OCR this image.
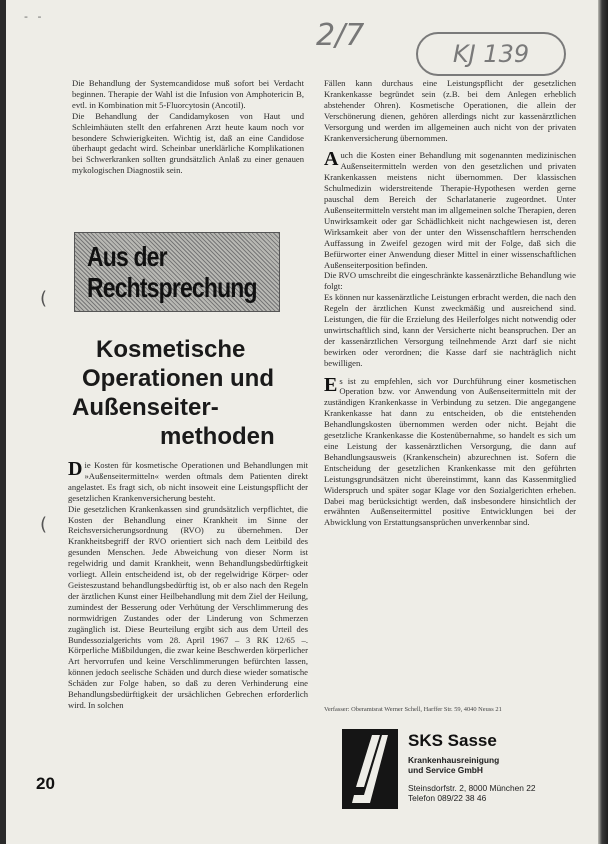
- -
2/7
KJ 139
(
(

Die Behandlung der Systemcandidose muß sofort bei Verdacht beginnen. Therapie der Wahl ist die Infusion von Amphotericin B, evtl. in Kombination mit 5-Fluorcytosin (Ancotil).

Die Behandlung der Candidamykosen von Haut und Schleimhäuten stellt den erfahrenen Arzt heute kaum noch vor besondere Schwierigkeiten. Wichtig ist, daß an eine Candidose überhaupt gedacht wird. Scheinbar unerklärliche Komplikationen bei Schwerkranken sollten grundsätzlich Anlaß zu einer genauen mykologischen Diagnostik sein.

Aus der
Rechtsprechung
Kosmetische
Operationen und
Außenseiter-
methoden

Die Kosten für kosmetische Operationen und Behandlungen mit »Außenseitermitteln« werden oftmals dem Patienten direkt angelastet. Es fragt sich, ob nicht insoweit eine Leistungspflicht der gesetzlichen Krankenversicherung besteht.

Die gesetzlichen Krankenkassen sind grundsätzlich verpflichtet, die Kosten der Behandlung einer Krankheit im Sinne der Reichsversicherungsordnung (RVO) zu übernehmen. Der Krankheitsbegriff der RVO orientiert sich nach dem Leitbild des gesunden Menschen. Jede Abweichung von dieser Norm ist regelwidrig und damit Krankheit, wenn Behandlungsbedürftigkeit vorliegt. Allein entscheidend ist, ob der regelwidrige Körper- oder Geisteszustand behandlungsbedürftig ist, ob er also nach den Regeln der ärztlichen Kunst einer Heilbehandlung mit dem Ziel der Heilung, zumindest der Besserung oder Verhütung der Verschlimmerung des normwidrigen Zustandes oder der Linderung von Schmerzen zugänglich ist. Diese Beurteilung ergibt sich aus dem Urteil des Bundessozialgerichts vom 28. April 1967 – 3 RK 12/65 –. Körperliche Mißbildungen, die zwar keine Beschwerden körperlicher Art hervorrufen und keine Verschlimmerungen befürchten lassen, können jedoch seelische Schäden und durch diese wieder somatische Schäden zur Folge haben, so daß zu deren Verhinderung eine Behandlungsbedürftigkeit der ursächlichen Gebrechen erforderlich wird. In solchen

Fällen kann durchaus eine Leistungspflicht der gesetzlichen Krankenkasse begründet sein (z.B. bei dem Anlegen erheblich abstehender Ohren). Kosmetische Operationen, die allein der Verschönerung dienen, gehören allerdings nicht zur kassenärztlichen Versorgung und werden im allgemeinen auch nicht von der privaten Krankenversicherung übernommen.

Auch die Kosten einer Behandlung mit sogenannten medizinischen Außenseitermitteln werden von den gesetzlichen und privaten Krankenkassen meistens nicht übernommen. Der klassischen Schulmedizin widerstreitende Therapie-Hypothesen werden gerne pauschal dem Bereich der Scharlatanerie zugeordnet. Unter Außenseitermitteln versteht man im allgemeinen solche Therapien, deren Unwirksamkeit oder gar Schädlichkeit nicht nachgewiesen ist, deren Wirksamkeit aber von der unter den Wissenschaftlern herrschenden Auffassung in Zweifel gezogen wird mit der Folge, daß sich die Befürworter einer Anwendung dieser Mittel in einer wissenschaftlichen Außenseiterposition befinden.

Die RVO umschreibt die eingeschränkte kassenärztliche Behandlung wie folgt:

Es können nur kassenärztliche Leistungen erbracht werden, die nach den Regeln der ärztlichen Kunst zweckmäßig und ausreichend sind. Leistungen, die für die Erzielung des Heilerfolges nicht notwendig oder unwirtschaftlich sind, kann der Versicherte nicht beanspruchen. Der an der kassenärztlichen Versorgung teilnehmende Arzt darf sie nicht bewirken oder verordnen; die Kasse darf sie nachträglich nicht bewilligen.

Es ist zu empfehlen, sich vor Durchführung einer kosmetischen Operation bzw. vor Anwendung von Außenseitermitteln mit der zuständigen Krankenkasse in Verbindung zu setzen. Die angegangene Krankenkasse hat dann zu entscheiden, ob die entstehenden Behandlungskosten übernommen werden oder nicht. Bejaht die gesetzliche Krankenkasse die Kostenübernahme, so handelt es sich um eine Leistung der kassenärztlichen Versorgung, die dann auf Behandlungsausweis (Krankenschein) abzurechnen ist. Sofern die Entscheidung der gesetzlichen Krankenkasse mit den geführten Leistungsgrundsätzen nicht übereinstimmt, kann das Kassenmitglied Widerspruch und später sogar Klage vor den Sozialgerichten erheben. Dabei mag berücksichtigt werden, daß insbesondere hinsichtlich der erwähnten Außenseitermittel positive Entwicklungen bei der Abwicklung von Erstattungsansprüchen unverkennbar sind.

Verfasser: Oberamtsrat Werner Schell, Harffer Str. 59, 4040 Neuss 21
SKS Sasse
Krankenhausreinigung
und Service GmbH
Steinsdorfstr. 2, 8000 München 22
Telefon 089/22 38 46
20
